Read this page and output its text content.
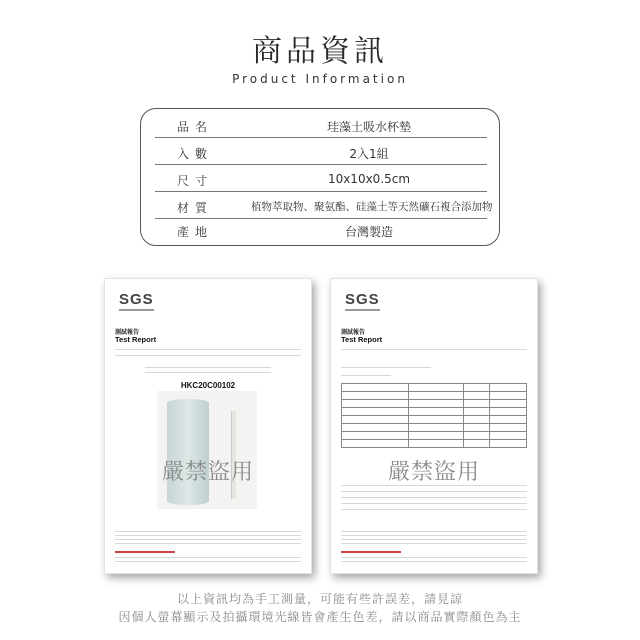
商品資訊
Product Information
品名	珪藻土吸水杯墊
入數	2入1組
尺寸	10x10x0.5cm
材質	植物萃取物、聚氨酯、硅藻土等天然礦石複合添加物
產地	台灣製造
SGS
測試報告
Test Report
HKC20C00102
嚴禁盜用
SGS
測試報告
Test Report

嚴禁盜用
以上資訊均為手工測量，可能有些許誤差，請見諒
因個人螢幕顯示及拍攝環境光線皆會產生色差，請以商品實際顏色為主
